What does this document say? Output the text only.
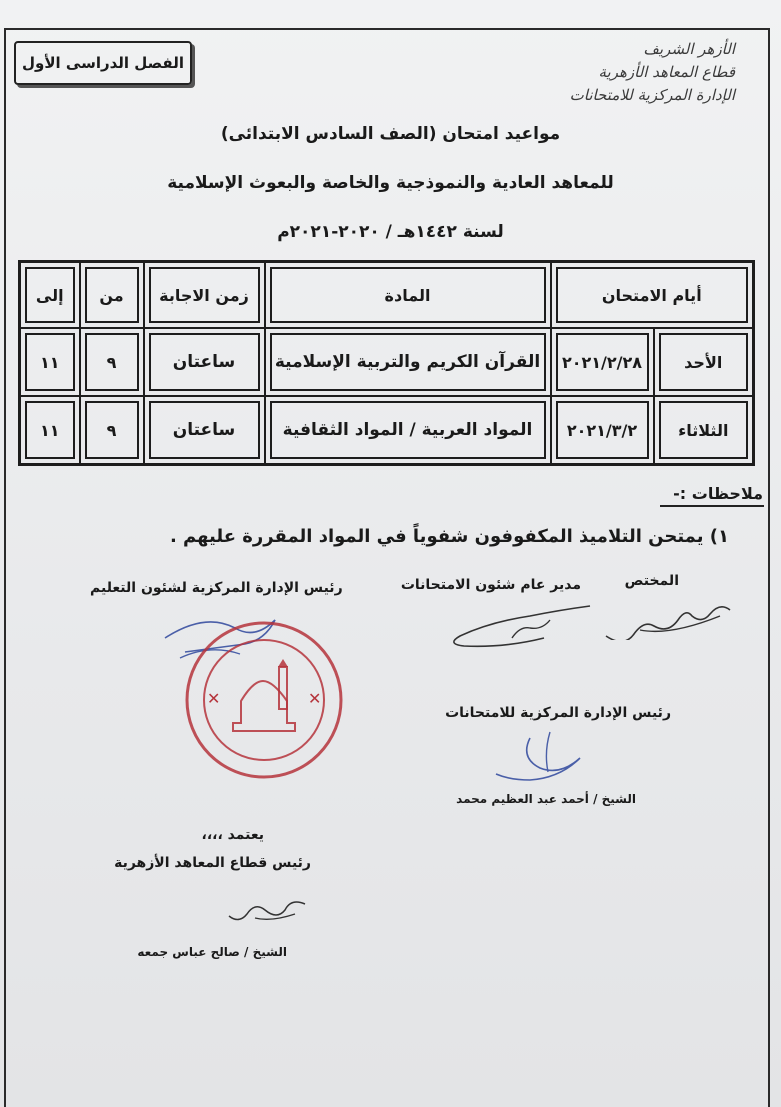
الفصل الدراسى الأول
الأزهر الشريف
قطاع المعاهد الأزهرية
الإدارة المركزية للامتحانات
مواعيد امتحان (الصف السادس الابتدائى)
للمعاهد العادية والنموذجية والخاصة والبعوث الإسلامية
لسنة ١٤٤٢هـ / ٢٠٢٠-٢٠٢١م
أيام الامتحان		المادة	زمن الاجابة	من	إلى
الأحد	٢٠٢١/٢/٢٨	القرآن الكريم والتربية الإسلامية	ساعتان	٩	١١
الثلاثاء	٢٠٢١/٣/٢	المواد العربية / المواد الثقافية	ساعتان	٩	١١
ملاحظات :-
١) يمتحن التلاميذ المكفوفون شفوياً في المواد المقررة عليهم .
المختص
مدير عام شئون الامتحانات
رئيس الإدارة المركزية لشئون التعليم
✕	✕
رئيس الإدارة المركزية للامتحانات
الشيخ / أحمد عبد العظيم محمد
يعتمد ،،،،
رئيس قطاع المعاهد الأزهرية
الشيخ / صالح عباس جمعه
